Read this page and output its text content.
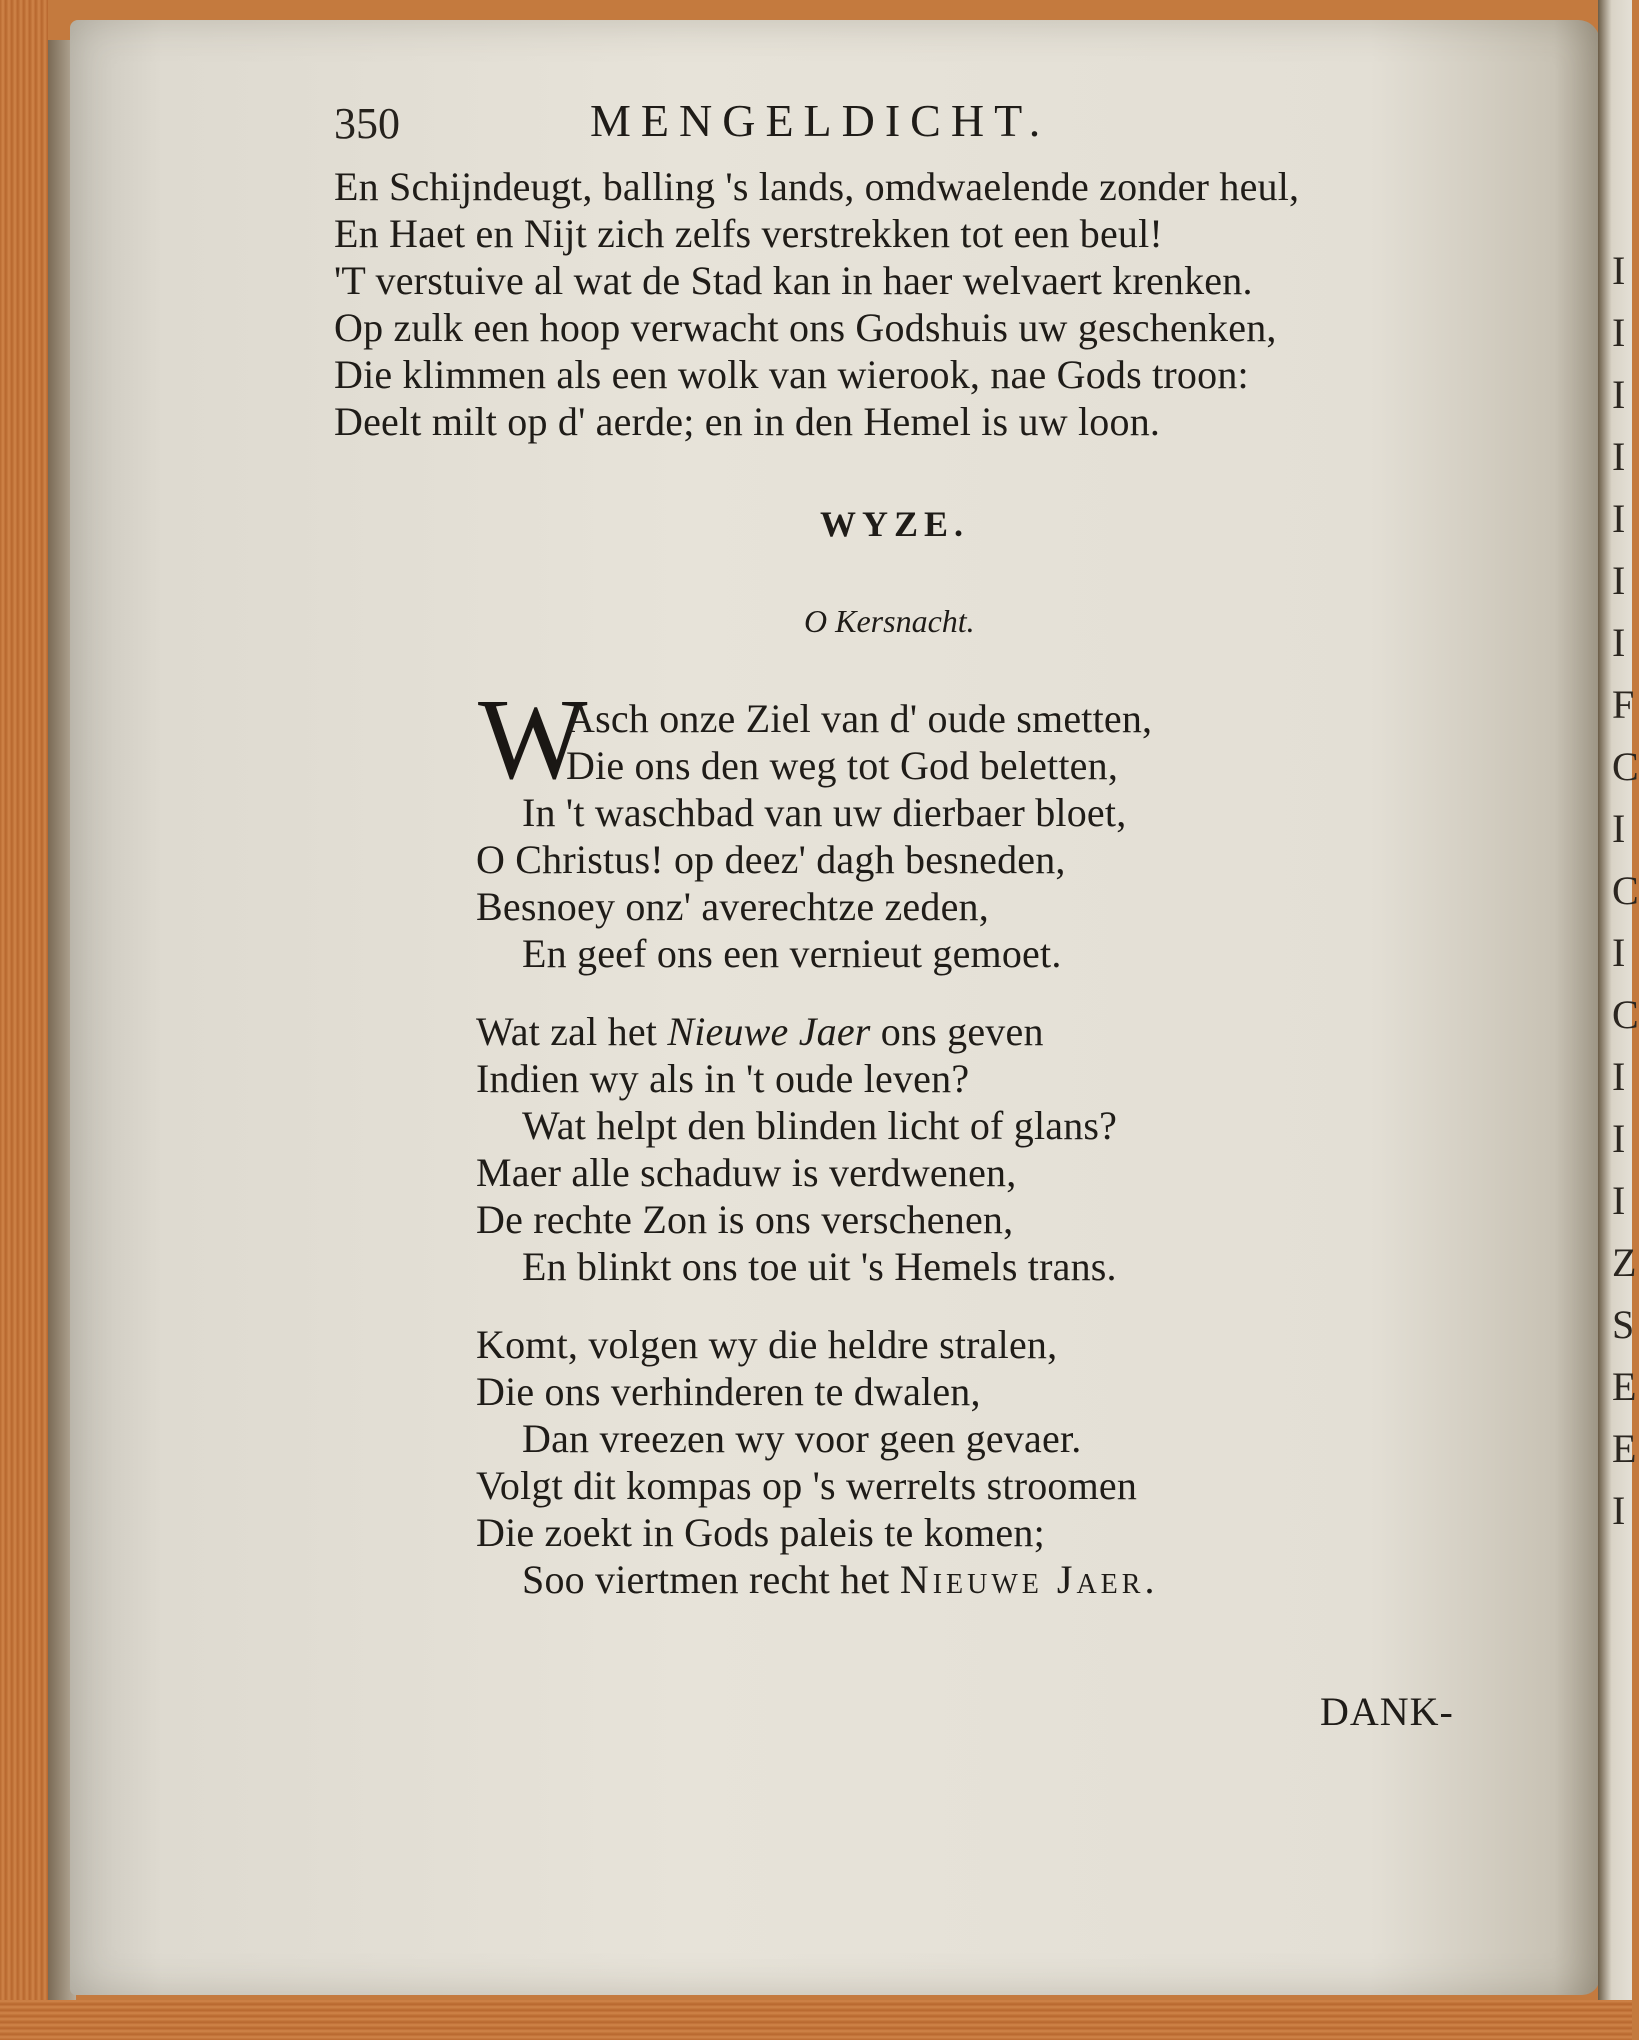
I
I
I
I
I
I
I
F
C
I
C
I
C
I
I
I
Z
S
E
E
I
350	MENGELDICHT.
En Schijndeugt, balling 's lands, omdwaelende zonder heul,
En Haet en Nijt zich zelfs verstrekken tot een beul!
'T verstuive al wat de Stad kan in haer welvaert krenken.
Op zulk een hoop verwacht ons Godshuis uw geschenken,
Die klimmen als een wolk van wierook, nae Gods troon:
Deelt milt op d' aerde; en in den Hemel is uw loon.
WYZE.
O Kersnacht.
W
Asch onze Ziel van d' oude smetten,
Die ons den weg tot God beletten,
In 't waschbad van uw dierbaer bloet,
O Christus! op deez' dagh besneden,
Besnoey onz' averechtze zeden,
En geef ons een vernieut gemoet.
Wat zal het Nieuwe Jaer ons geven
Indien wy als in 't oude leven?
Wat helpt den blinden licht of glans?
Maer alle schaduw is verdwenen,
De rechte Zon is ons verschenen,
En blinkt ons toe uit 's Hemels trans.
Komt, volgen wy die heldre stralen,
Die ons verhinderen te dwalen,
Dan vreezen wy voor geen gevaer.
Volgt dit kompas op 's werrelts stroomen
Die zoekt in Gods paleis te komen;
Soo viertmen recht het Nieuwe Jaer.
DANK-
